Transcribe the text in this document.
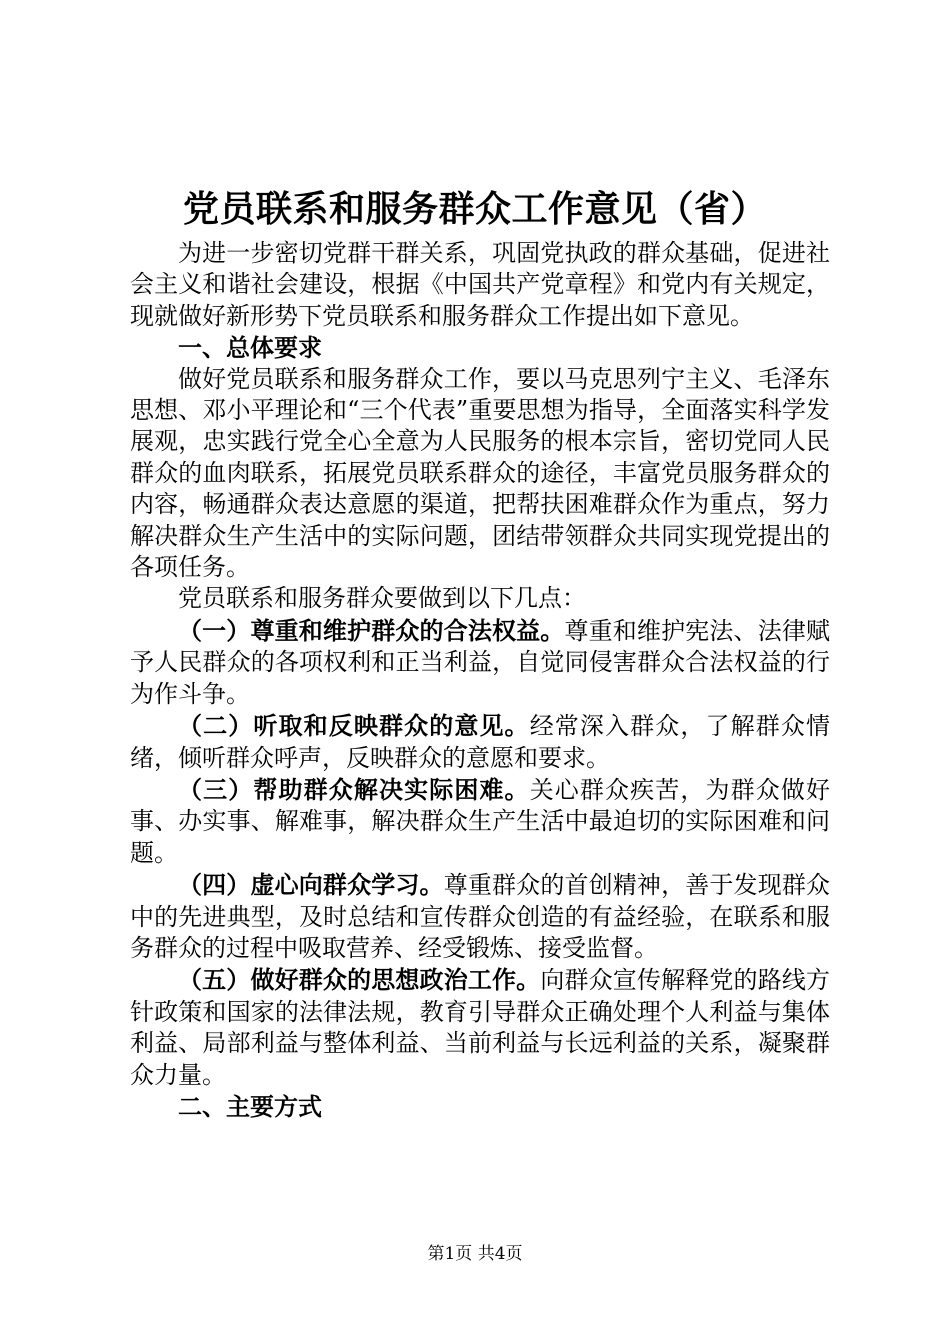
党员联系和服务群众工作意见（省）

为进一步密切党群干群关系，巩固党执政的群众基础，促进社会主义和谐社会建设，根据《中国共产党章程》和党内有关规定，现就做好新形势下党员联系和服务群众工作提出如下意见。

一、总体要求

做好党员联系和服务群众工作，要以马克思列宁主义、毛泽东思想、邓小平理论和“三个代表”重要思想为指导，全面落实科学发展观，忠实践行党全心全意为人民服务的根本宗旨，密切党同人民群众的血肉联系，拓展党员联系群众的途径，丰富党员服务群众的内容，畅通群众表达意愿的渠道，把帮扶困难群众作为重点，努力解决群众生产生活中的实际问题，团结带领群众共同实现党提出的各项任务。

党员联系和服务群众要做到以下几点：

（一）尊重和维护群众的合法权益。尊重和维护宪法、法律赋予人民群众的各项权利和正当利益，自觉同侵害群众合法权益的行为作斗争。

（二）听取和反映群众的意见。经常深入群众，了解群众情绪，倾听群众呼声，反映群众的意愿和要求。

（三）帮助群众解决实际困难。关心群众疾苦，为群众做好事、办实事、解难事，解决群众生产生活中最迫切的实际困难和问题。

（四）虚心向群众学习。尊重群众的首创精神，善于发现群众中的先进典型，及时总结和宣传群众创造的有益经验，在联系和服务群众的过程中吸取营养、经受锻炼、接受监督。

（五）做好群众的思想政治工作。向群众宣传解释党的路线方针政策和国家的法律法规，教育引导群众正确处理个人利益与集体利益、局部利益与整体利益、当前利益与长远利益的关系，凝聚群众力量。

二、主要方式

第1页 共4页
